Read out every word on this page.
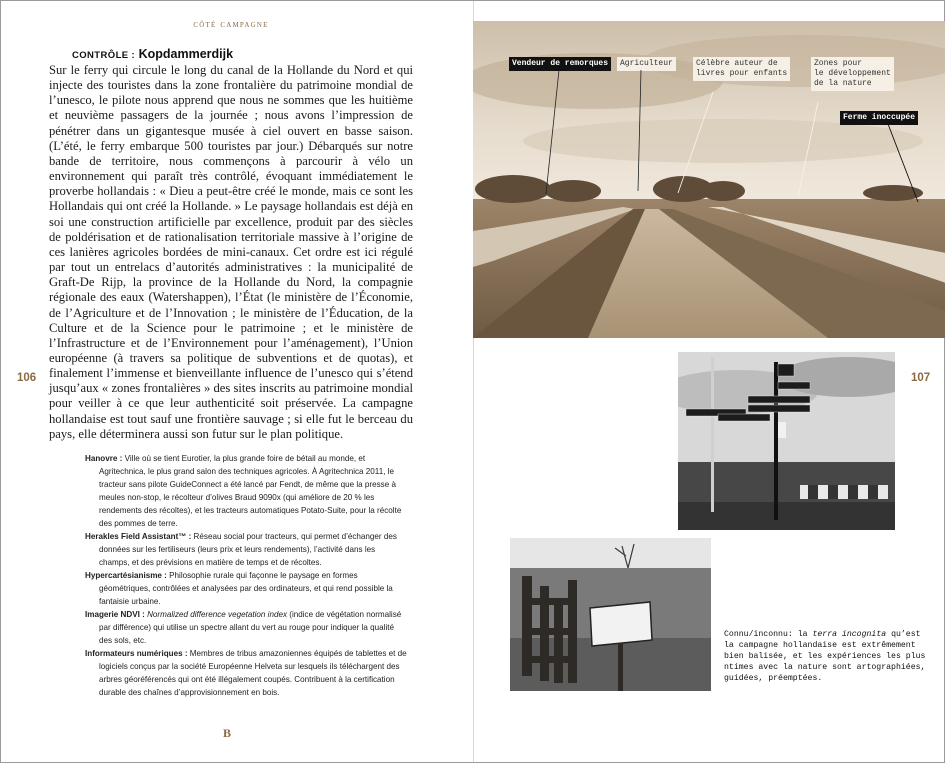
côté campagne
CONTRÔLE : Kopdammerdijk

Sur le ferry qui circule le long du canal de la Hollande du Nord et qui injecte des touristes dans la zone frontalière du patrimoine mondial de l’unesco, le pilote nous apprend que nous ne sommes que les huitième et neuvième passagers de la journée ; nous avons l’impression de pénétrer dans un gigantesque musée à ciel ouvert en basse saison. (L’été, le ferry embarque 500 touristes par jour.) Débarqués sur notre bande de territoire, nous commençons à parcourir à vélo un environnement qui paraît très contrôlé, évoquant immédiatement le proverbe hollandais : « Dieu a peut-être créé le monde, mais ce sont les Hollandais qui ont créé la Hollande. » Le paysage hollandais est déjà en soi une construction artificielle par excellence, produit par des siècles de poldérisation et de rationalisation territoriale massive à l’origine de ces lanières agricoles bordées de mini-canaux. Cet ordre est ici régulé par tout un entrelacs d’autorités administratives : la municipalité de Graft-De Rijp, la province de la Hollande du Nord, la compagnie régionale des eaux (Watershappen), l’État (le ministère de l’Économie, de l’Agriculture et de l’Innovation ; le ministère de l’Éducation, de la Culture et de la Science pour le patrimoine ; et le ministère de l’Infrastructure et de l’Environnement pour l’aménagement), l’Union européenne (à travers sa politique de subventions et de quotas), et finalement l’immense et bienveillante influence de l’unesco qui s’étend jusqu’aux « zones frontalières » des sites inscrits au patrimoine mondial pour veiller à ce que leur authenticité soit préservée. La campagne hollandaise est tout sauf une frontière sauvage ; si elle fut le berceau du pays, elle déterminera aussi son futur sur le plan politique.

Hanovre : Ville où se tient Eurotier, la plus grande foire de bétail au monde, et Agritechnica, le plus grand salon des techniques agricoles. À Agritechnica 2011, le tracteur sans pilote GuideConnect a été lancé par Fendt, de même que la presse à meules non-stop, le récolteur d’olives Braud 9090x (qui améliore de 20 % les rendements des récoltes), et les tracteurs automatiques Potato-Suite, pour la récolte des pommes de terre.

Herakles Field Assistant™ : Réseau social pour tracteurs, qui permet d’échanger des données sur les fertiliseurs (leurs prix et leurs rendements), l’activité dans les champs, et des prévisions en matière de temps et de récoltes.

Hypercartésianisme : Philosophie rurale qui façonne le paysage en formes géométriques, contrôlées et analysées par des ordinateurs, et qui rend possible la fantaisie urbaine.

Imagerie NDVI : Normalized difference vegetation index (indice de végétation normalisé par différence) qui utilise un spectre allant du vert au rouge pour indiquer la qualité des sols, etc.

Informateurs numériques : Membres de tribus amazoniennes équipés de tablettes et de logiciels conçus par la société Européenne Helveta sur lesquels ils téléchargent des arbres géoréférencés qui ont été illégalement coupés. Contribuent à la certification durable des chaînes d’approvisionnement en bois.

106	107
B
Vendeur de remorques	Agriculteur	Célèbre auteur de
livres pour enfants
Zones pour
le développement
de la nature
Ferme inoccupée
Connu/inconnu: la terra incognita qu’est la campagne hollandaise est extrêmement bien balisée, et les expériences les plus ntimes avec la nature sont artographiées, guidées, préemptées.
